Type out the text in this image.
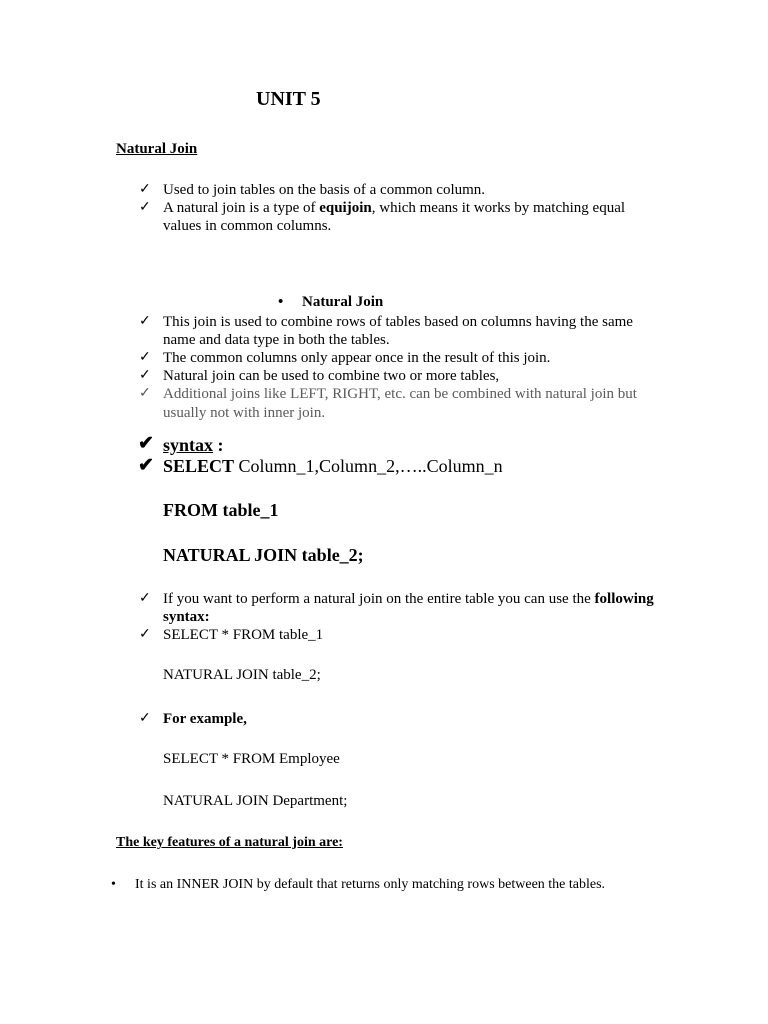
UNIT 5
Natural Join
✓ Used to join tables on the basis of a common column.
✓ A natural join is a type of equijoin, which means it works by matching equal values in common columns.
• Natural Join
✓ This join is used to combine rows of tables based on columns having the same name and data type in both the tables.
✓ The common columns only appear once in the result of this join.
✓ Natural join can be used to combine two or more tables,
✓ Additional joins like LEFT, RIGHT, etc. can be combined with natural join but usually not with inner join.
✔ syntax :
✔ SELECT Column_1,Column_2,…..Column_n
FROM table_1
NATURAL JOIN table_2;
✓ If you want to perform a natural join on the entire table you can use the following syntax:
✓ SELECT * FROM table_1
NATURAL JOIN table_2;
✓ For example,
SELECT * FROM Employee
NATURAL JOIN Department;
The key features of a natural join are:
• It is an INNER JOIN by default that returns only matching rows between the tables.
